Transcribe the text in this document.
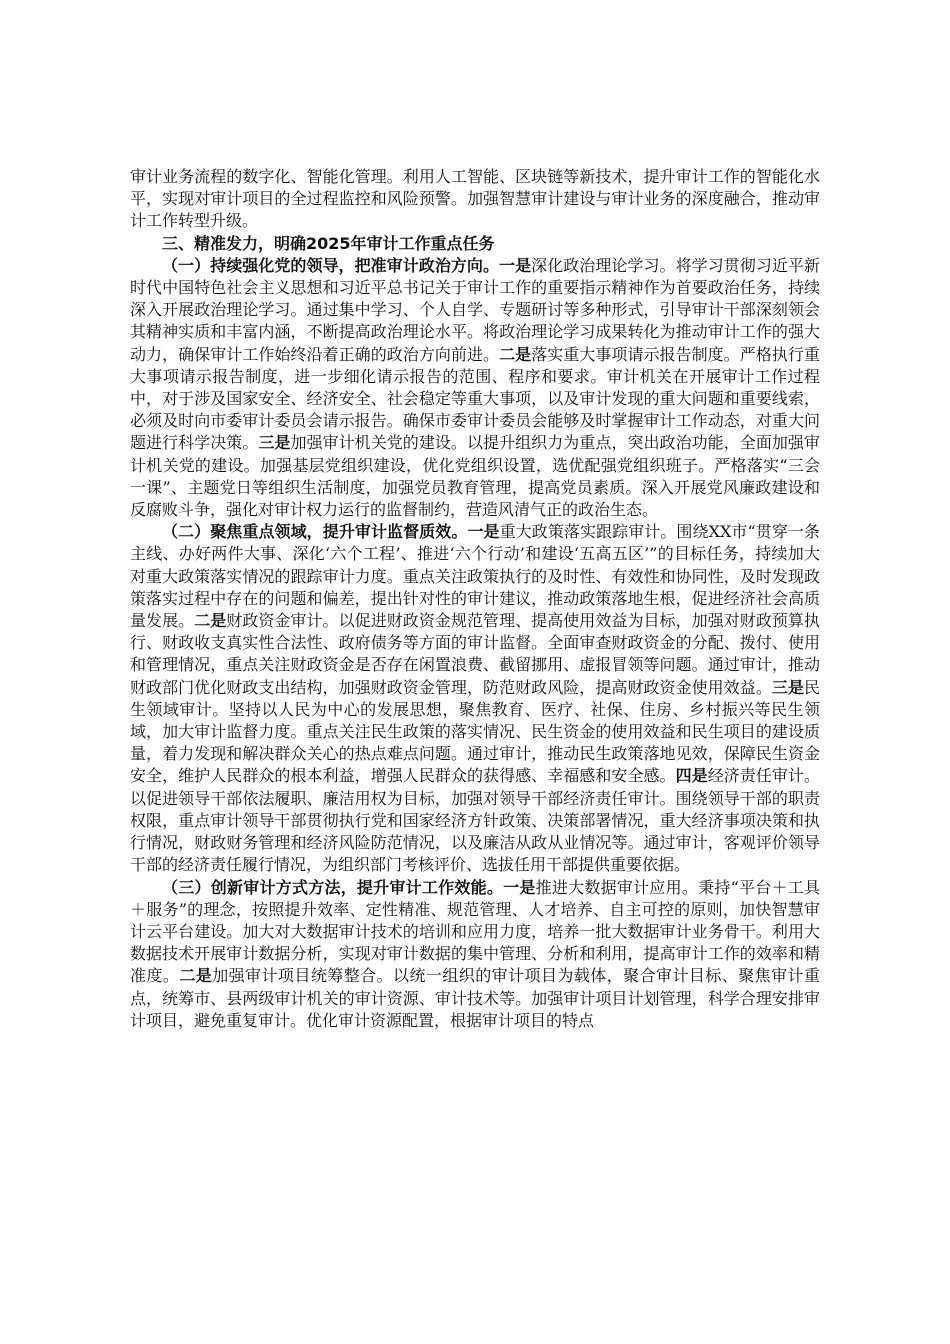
审计业务流程的数字化、智能化管理。利用人工智能、区块链等新技术，提升审计工作的智能化水平，实现对审计项目的全过程监控和风险预警。加强智慧审计建设与审计业务的深度融合，推动审计工作转型升级。

三、精准发力，明确2025年审计工作重点任务

（一）持续强化党的领导，把准审计政治方向。一是深化政治理论学习。将学习贯彻习近平新时代中国特色社会主义思想和习近平总书记关于审计工作的重要指示精神作为首要政治任务，持续深入开展政治理论学习。通过集中学习、个人自学、专题研讨等多种形式，引导审计干部深刻领会其精神实质和丰富内涵，不断提高政治理论水平。将政治理论学习成果转化为推动审计工作的强大动力，确保审计工作始终沿着正确的政治方向前进。二是落实重大事项请示报告制度。严格执行重大事项请示报告制度，进一步细化请示报告的范围、程序和要求。审计机关在开展审计工作过程中，对于涉及国家安全、经济安全、社会稳定等重大事项，以及审计发现的重大问题和重要线索，必须及时向市委审计委员会请示报告。确保市委审计委员会能够及时掌握审计工作动态，对重大问题进行科学决策。三是加强审计机关党的建设。以提升组织力为重点，突出政治功能，全面加强审计机关党的建设。加强基层党组织建设，优化党组织设置，选优配强党组织班子。严格落实“三会一课”、主题党日等组织生活制度，加强党员教育管理，提高党员素质。深入开展党风廉政建设和反腐败斗争，强化对审计权力运行的监督制约，营造风清气正的政治生态。

（二）聚焦重点领域，提升审计监督质效。一是重大政策落实跟踪审计。围绕XX市“贯穿一条主线、办好两件大事、深化‘六个工程’、推进‘六个行动’和建设‘五高五区’”的目标任务，持续加大对重大政策落实情况的跟踪审计力度。重点关注政策执行的及时性、有效性和协同性，及时发现政策落实过程中存在的问题和偏差，提出针对性的审计建议，推动政策落地生根，促进经济社会高质量发展。二是财政资金审计。以促进财政资金规范管理、提高使用效益为目标，加强对财政预算执行、财政收支真实性合法性、政府债务等方面的审计监督。全面审查财政资金的分配、拨付、使用和管理情况，重点关注财政资金是否存在闲置浪费、截留挪用、虚报冒领等问题。通过审计，推动财政部门优化财政支出结构，加强财政资金管理，防范财政风险，提高财政资金使用效益。三是民生领域审计。坚持以人民为中心的发展思想，聚焦教育、医疗、社保、住房、乡村振兴等民生领域，加大审计监督力度。重点关注民生政策的落实情况、民生资金的使用效益和民生项目的建设质量，着力发现和解决群众关心的热点难点问题。通过审计，推动民生政策落地见效，保障民生资金安全，维护人民群众的根本利益，增强人民群众的获得感、幸福感和安全感。四是经济责任审计。以促进领导干部依法履职、廉洁用权为目标，加强对领导干部经济责任审计。围绕领导干部的职责权限，重点审计领导干部贯彻执行党和国家经济方针政策、决策部署情况，重大经济事项决策和执行情况，财政财务管理和经济风险防范情况，以及廉洁从政从业情况等。通过审计，客观评价领导干部的经济责任履行情况，为组织部门考核评价、选拔任用干部提供重要依据。

（三）创新审计方式方法，提升审计工作效能。一是推进大数据审计应用。秉持“平台＋工具＋服务”的理念，按照提升效率、定性精准、规范管理、人才培养、自主可控的原则，加快智慧审计云平台建设。加大对大数据审计技术的培训和应用力度，培养一批大数据审计业务骨干。利用大数据技术开展审计数据分析，实现对审计数据的集中管理、分析和利用，提高审计工作的效率和精准度。二是加强审计项目统筹整合。以统一组织的审计项目为载体，聚合审计目标、聚焦审计重点，统筹市、县两级审计机关的审计资源、审计技术等。加强审计项目计划管理，科学合理安排审计项目，避免重复审计。优化审计资源配置，根据审计项目的特点
